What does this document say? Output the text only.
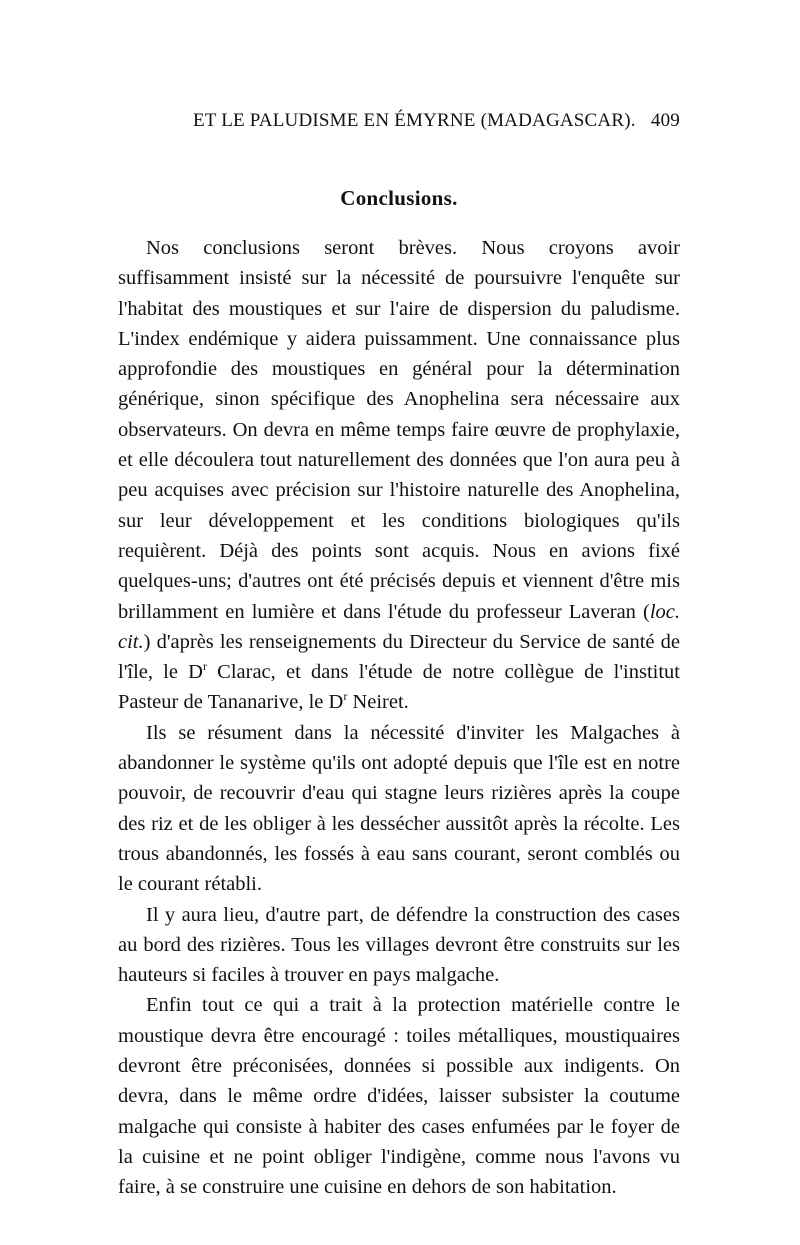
ET LE PALUDISME EN ÉMYRNE (MADAGASCAR). 409
Conclusions.

Nos conclusions seront brèves. Nous croyons avoir suffisamment insisté sur la nécessité de poursuivre l'enquête sur l'habitat des moustiques et sur l'aire de dispersion du paludisme. L'index endémique y aidera puissamment. Une connaissance plus approfondie des moustiques en général pour la détermination générique, sinon spécifique des Anophelina sera nécessaire aux observateurs. On devra en même temps faire œuvre de prophylaxie, et elle découlera tout naturellement des données que l'on aura peu à peu acquises avec précision sur l'histoire naturelle des Anophelina, sur leur développement et les conditions biologiques qu'ils requièrent. Déjà des points sont acquis. Nous en avions fixé quelques-uns; d'autres ont été précisés depuis et viennent d'être mis brillamment en lumière et dans l'étude du professeur Laveran (loc. cit.) d'après les renseignements du Directeur du Service de santé de l'île, le $D^r$ Clarac, et dans l'étude de notre collègue de l'institut Pasteur de Tananarive, le $D^r$ Neiret.

Ils se résument dans la nécessité d'inviter les Malgaches à abandonner le système qu'ils ont adopté depuis que l'île est en notre pouvoir, de recouvrir d'eau qui stagne leurs rizières après la coupe des riz et de les obliger à les dessécher aussitôt après la récolte. Les trous abandonnés, les fossés à eau sans courant, seront comblés ou le courant rétabli.

Il y aura lieu, d'autre part, de défendre la construction des cases au bord des rizières. Tous les villages devront être construits sur les hauteurs si faciles à trouver en pays malgache.

Enfin tout ce qui a trait à la protection matérielle contre le moustique devra être encouragé : toiles métalliques, moustiquaires devront être préconisées, données si possible aux indigents. On devra, dans le même ordre d'idées, laisser subsister la coutume malgache qui consiste à habiter des cases enfumées par le foyer de la cuisine et ne point obliger l'indigène, comme nous l'avons vu faire, à se construire une cuisine en dehors de son habitation.
